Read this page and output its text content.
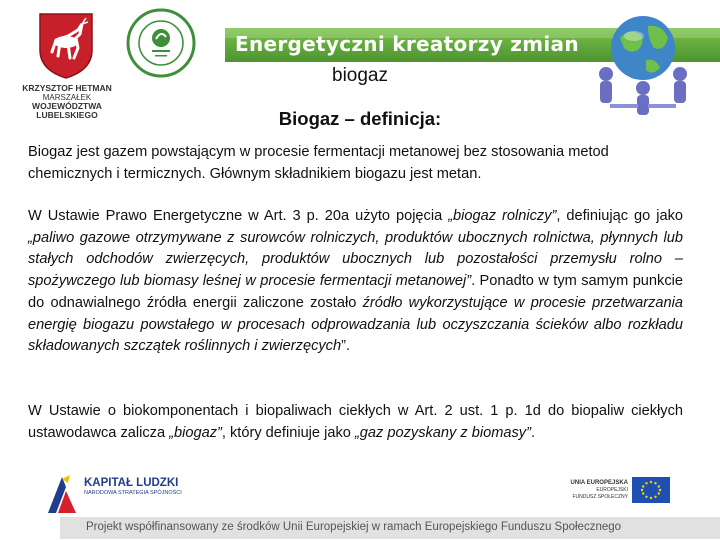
Energetyczni kreatorzy zmian
KRZYSZTOF HETMAN
MARSZAŁEK
WOJEWÓDZTWA LUBELSKIEGO
biogaz
Biogaz – definicja:
Biogaz jest gazem powstającym w procesie fermentacji metanowej bez stosowania metod chemicznych i termicznych. Głównym składnikiem biogazu jest metan.
W Ustawie Prawo Energetyczne w Art. 3 p. 20a użyto pojęcia „biogaz rolniczy”, definiując go jako „paliwo gazowe otrzymywane z surowców rolniczych, produktów ubocznych rolnictwa, płynnych lub stałych odchodów zwierzęcych, produktów ubocznych lub pozostałości przemysłu rolno – spożywczego lub biomasy leśnej w procesie fermentacji metanowej”. Ponadto w tym samym punkcie do odnawialnego źródła energii zaliczone zostało źródło wykorzystujące w procesie przetwarzania energię biogazu powstałego w procesach odprowadzania lub oczyszczania ścieków albo rozkładu składowanych szczątek roślinnych i zwierzęcych”.
W Ustawie o biokomponentach i biopaliwach ciekłych w Art. 2 ust. 1 p. 1d do biopaliw ciekłych ustawodawca zalicza „biogaz”, który definiuje jako „gaz pozyskany z biomasy”.
KAPITAŁ LUDZKI
NARODOWA STRATEGIA SPÓJNOŚCI
UNIA EUROPEJSKA
EUROPEJSKI
FUNDUSZ SPOŁECZNY
Projekt współfinansowany ze środków Unii Europejskiej w ramach Europejskiego Funduszu Społecznego
